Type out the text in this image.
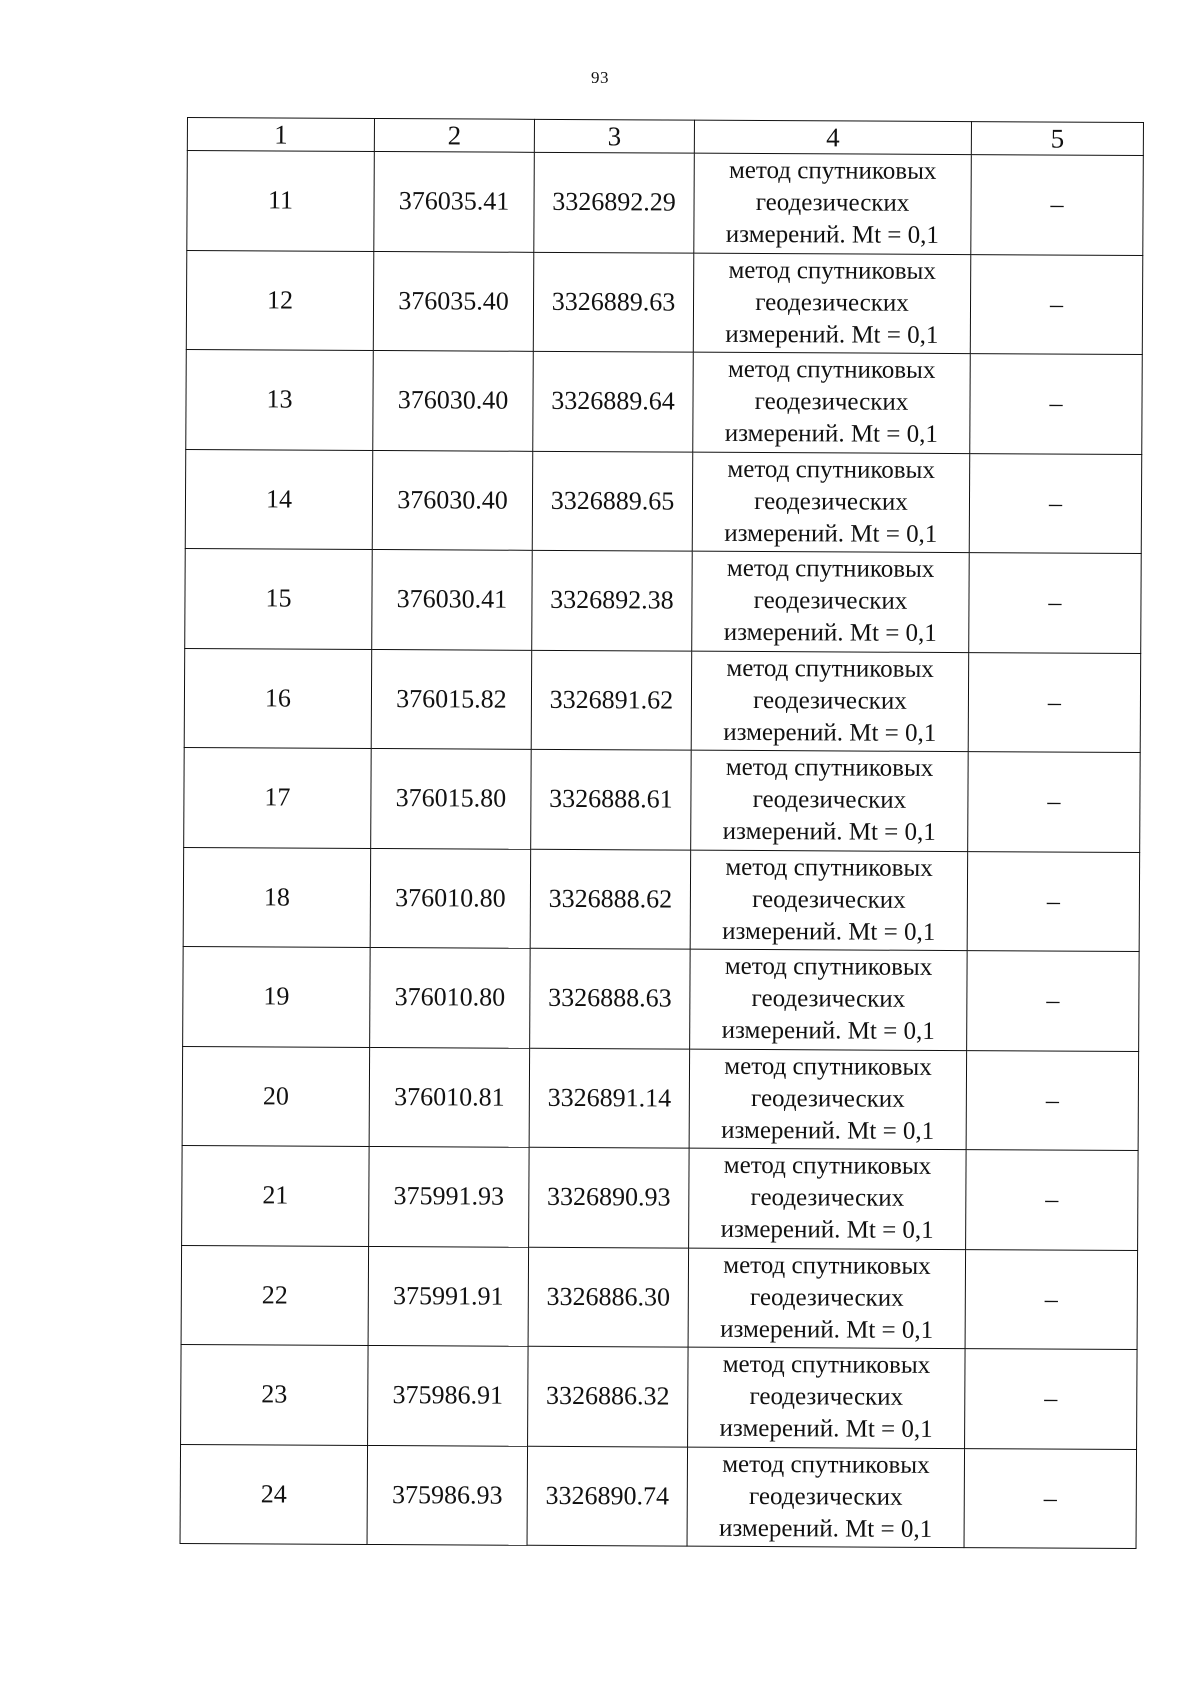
93
1	2	3	4	5
11	376035.41	3326892.29	метод спутниковых
геодезических
измерений. Mt = 0,1	–
12	376035.40	3326889.63	метод спутниковых
геодезических
измерений. Mt = 0,1	–
13	376030.40	3326889.64	метод спутниковых
геодезических
измерений. Mt = 0,1	–
14	376030.40	3326889.65	метод спутниковых
геодезических
измерений. Mt = 0,1	–
15	376030.41	3326892.38	метод спутниковых
геодезических
измерений. Mt = 0,1	–
16	376015.82	3326891.62	метод спутниковых
геодезических
измерений. Mt = 0,1	–
17	376015.80	3326888.61	метод спутниковых
геодезических
измерений. Mt = 0,1	–
18	376010.80	3326888.62	метод спутниковых
геодезических
измерений. Mt = 0,1	–
19	376010.80	3326888.63	метод спутниковых
геодезических
измерений. Mt = 0,1	–
20	376010.81	3326891.14	метод спутниковых
геодезических
измерений. Mt = 0,1	–
21	375991.93	3326890.93	метод спутниковых
геодезических
измерений. Mt = 0,1	–
22	375991.91	3326886.30	метод спутниковых
геодезических
измерений. Mt = 0,1	–
23	375986.91	3326886.32	метод спутниковых
геодезических
измерений. Mt = 0,1	–
24	375986.93	3326890.74	метод спутниковых
геодезических
измерений. Mt = 0,1	–
